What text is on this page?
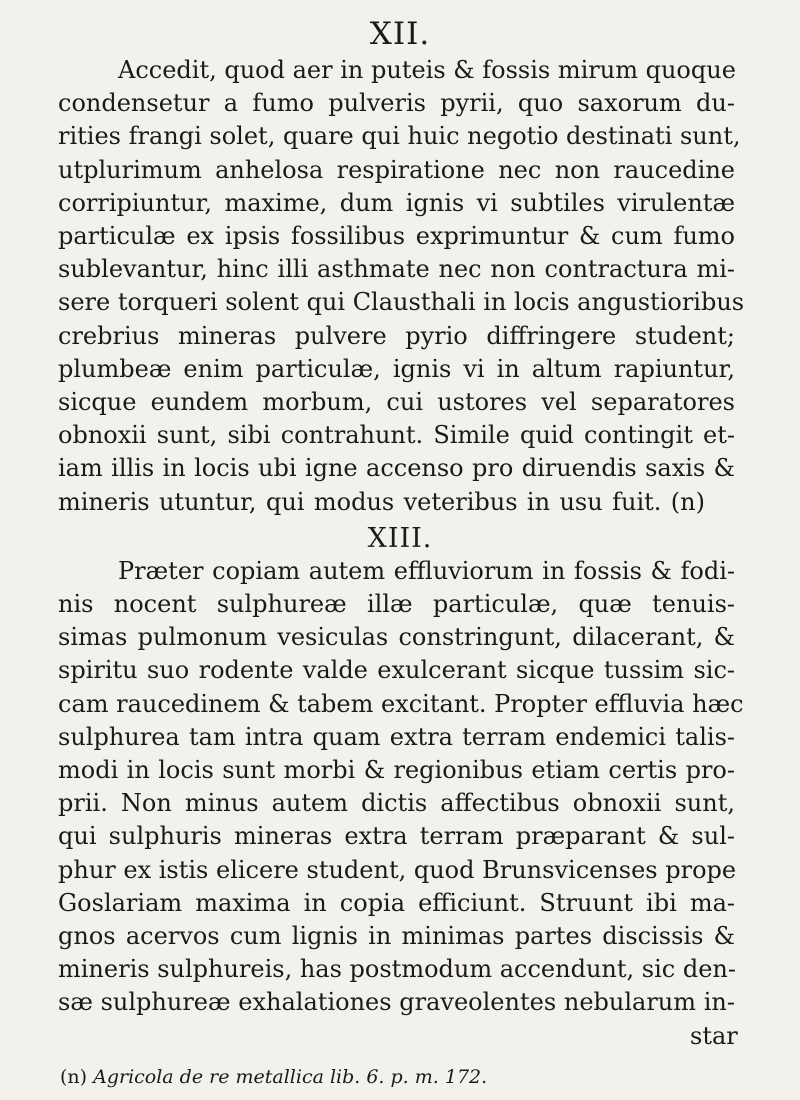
XII.
Accedit, quod aer in puteis & fossis mirum quoque
condensetur a fumo pulveris pyrii, quo saxorum du-
rities frangi solet, quare qui huic negotio destinati sunt,
utplurimum anhelosa respiratione nec non raucedine
corripiuntur, maxime, dum ignis vi subtiles virulentæ
particulæ ex ipsis fossilibus exprimuntur & cum fumo
sublevantur, hinc illi asthmate nec non contractura mi-
sere torqueri solent qui Clausthali in locis angustioribus
crebrius mineras pulvere pyrio diffringere student;
plumbeæ enim particulæ, ignis vi in altum rapiuntur,
sicque eundem morbum, cui ustores vel separatores
obnoxii sunt, sibi contrahunt. Simile quid contingit et-
iam illis in locis ubi igne accenso pro diruendis saxis &
mineris utuntur, qui modus veteribus in usu fuit. (n)
XIII.
Præter copiam autem effluviorum in fossis & fodi-
nis nocent sulphureæ illæ particulæ, quæ tenuis-
simas pulmonum vesiculas constringunt, dilacerant, &
spiritu suo rodente valde exulcerant sicque tussim sic-
cam raucedinem & tabem excitant. Propter effluvia hæc
sulphurea tam intra quam extra terram endemici talis-
modi in locis sunt morbi & regionibus etiam certis pro-
prii. Non minus autem dictis affectibus obnoxii sunt,
qui sulphuris mineras extra terram præparant & sul-
phur ex istis elicere student, quod Brunsvicenses prope
Goslariam maxima in copia efficiunt. Struunt ibi ma-
gnos acervos cum lignis in minimas partes discissis &
mineris sulphureis, has postmodum accendunt, sic den-
sæ sulphureæ exhalationes graveolentes nebularum in-
star
(n) Agricola de re metallica lib. 6. p. m. 172.
